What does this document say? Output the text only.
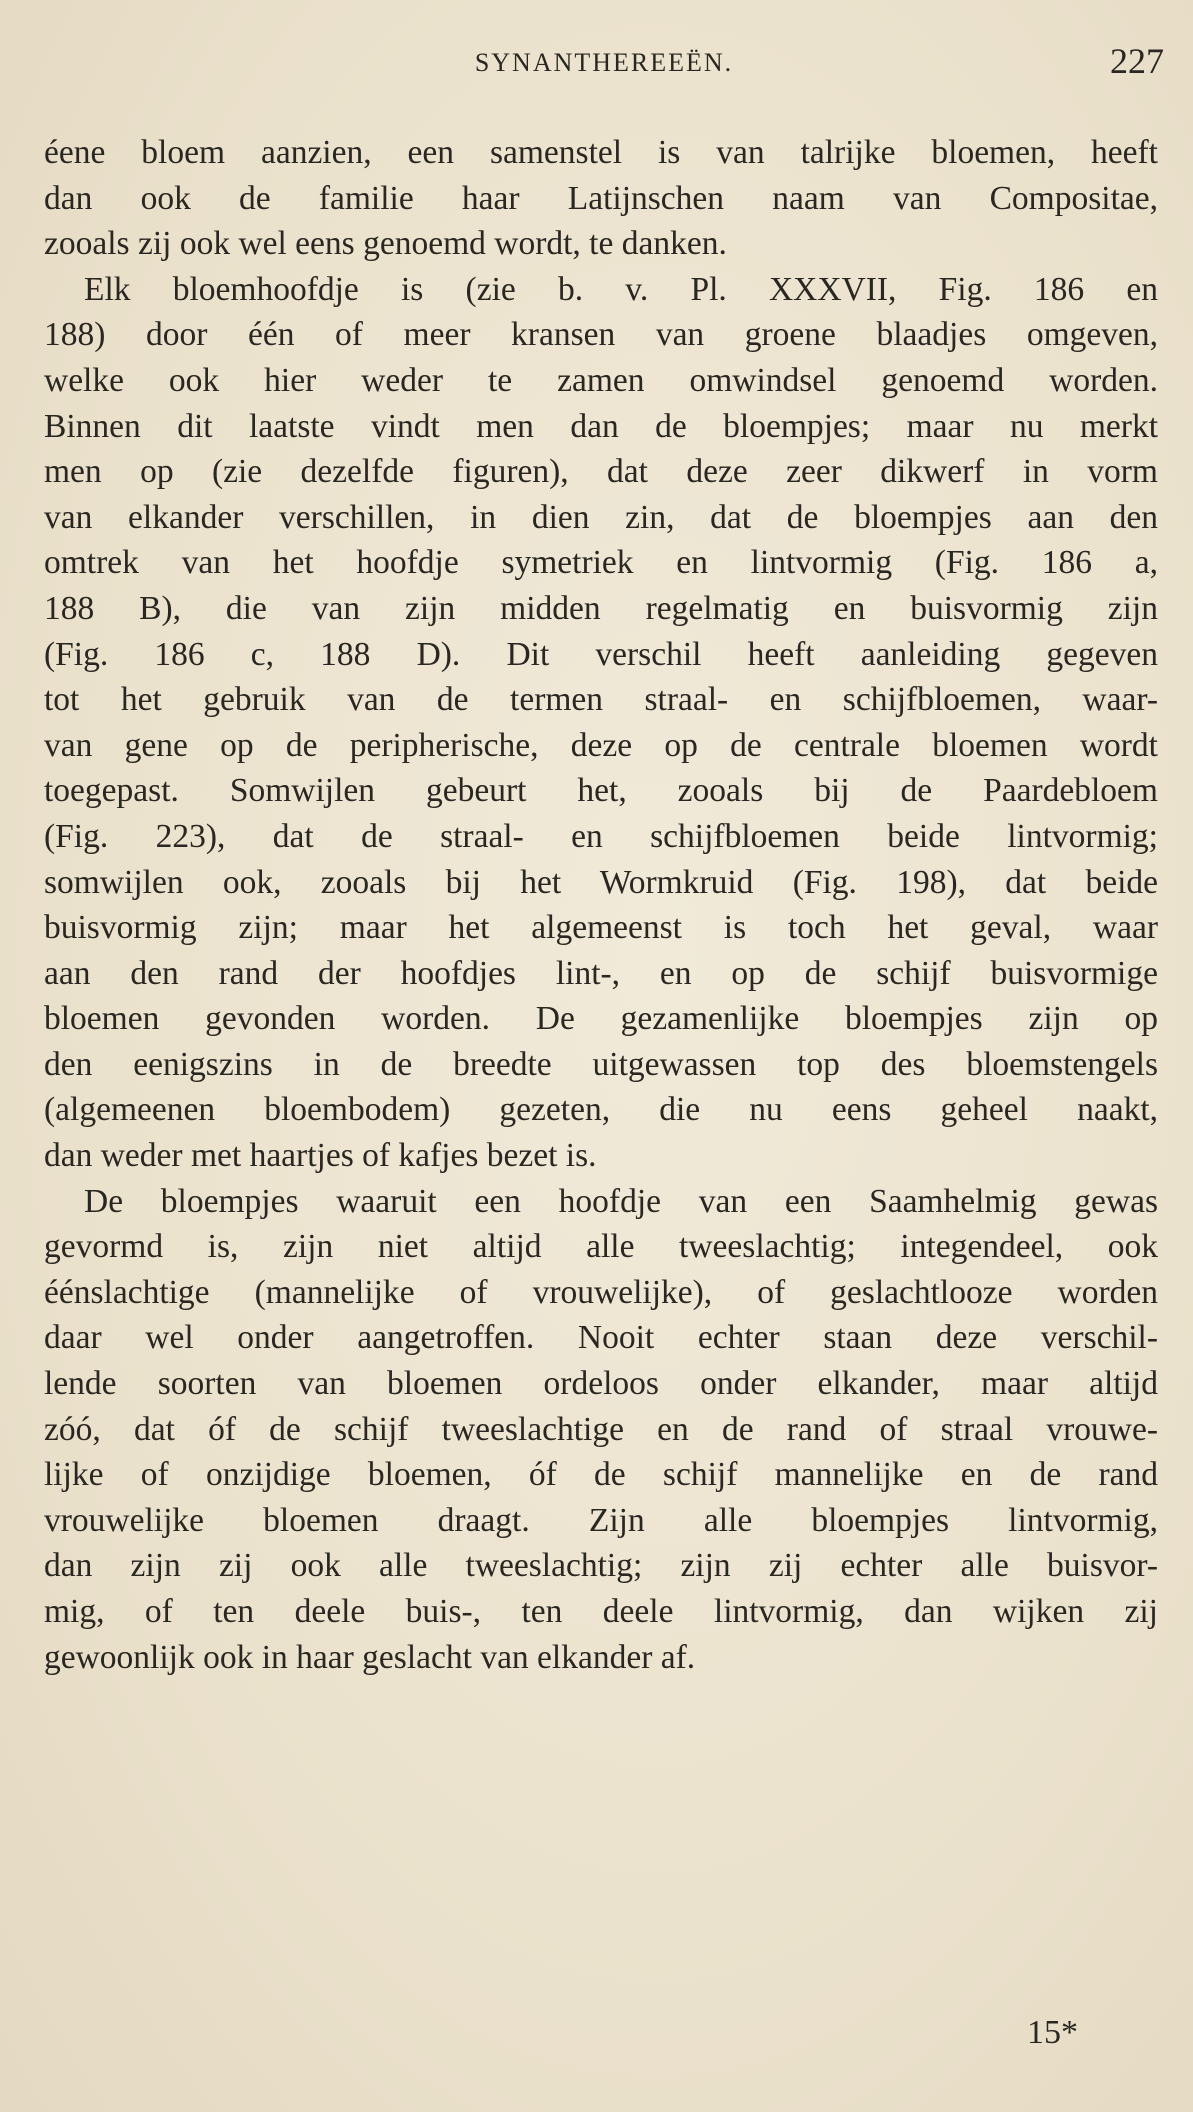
SYNANTHEREEËN.	227
éene bloem aanzien, een samenstel is van talrijke bloemen, heeft
dan ook de familie haar Latijnschen naam van Compositae,
zooals zij ook wel eens genoemd wordt, te danken.
Elk bloemhoofdje is (zie b. v. Pl. XXXVII, Fig. 186 en
188) door één of meer kransen van groene blaadjes omgeven,
welke ook hier weder te zamen omwindsel genoemd worden.
Binnen dit laatste vindt men dan de bloempjes; maar nu merkt
men op (zie dezelfde figuren), dat deze zeer dikwerf in vorm
van elkander verschillen, in dien zin, dat de bloempjes aan den
omtrek van het hoofdje symetriek en lintvormig (Fig. 186 a,
188 B), die van zijn midden regelmatig en buisvormig zijn
(Fig. 186 c, 188 D). Dit verschil heeft aanleiding gegeven
tot het gebruik van de termen straal- en schijfbloemen, waar-
van gene op de peripherische, deze op de centrale bloemen wordt
toegepast. Somwijlen gebeurt het, zooals bij de Paardebloem
(Fig. 223), dat de straal- en schijfbloemen beide lintvormig;
somwijlen ook, zooals bij het Wormkruid (Fig. 198), dat beide
buisvormig zijn; maar het algemeenst is toch het geval, waar
aan den rand der hoofdjes lint-, en op de schijf buisvormige
bloemen gevonden worden. De gezamenlijke bloempjes zijn op
den eenigszins in de breedte uitgewassen top des bloemstengels
(algemeenen bloembodem) gezeten, die nu eens geheel naakt,
dan weder met haartjes of kafjes bezet is.
De bloempjes waaruit een hoofdje van een Saamhelmig gewas
gevormd is, zijn niet altijd alle tweeslachtig; integendeel, ook
éénslachtige (mannelijke of vrouwelijke), of geslachtlooze worden
daar wel onder aangetroffen. Nooit echter staan deze verschil-
lende soorten van bloemen ordeloos onder elkander, maar altijd
zóó, dat óf de schijf tweeslachtige en de rand of straal vrouwe-
lijke of onzijdige bloemen, óf de schijf mannelijke en de rand
vrouwelijke bloemen draagt. Zijn alle bloempjes lintvormig,
dan zijn zij ook alle tweeslachtig; zijn zij echter alle buisvor-
mig, of ten deele buis-, ten deele lintvormig, dan wijken zij
gewoonlijk ook in haar geslacht van elkander af.
15*
